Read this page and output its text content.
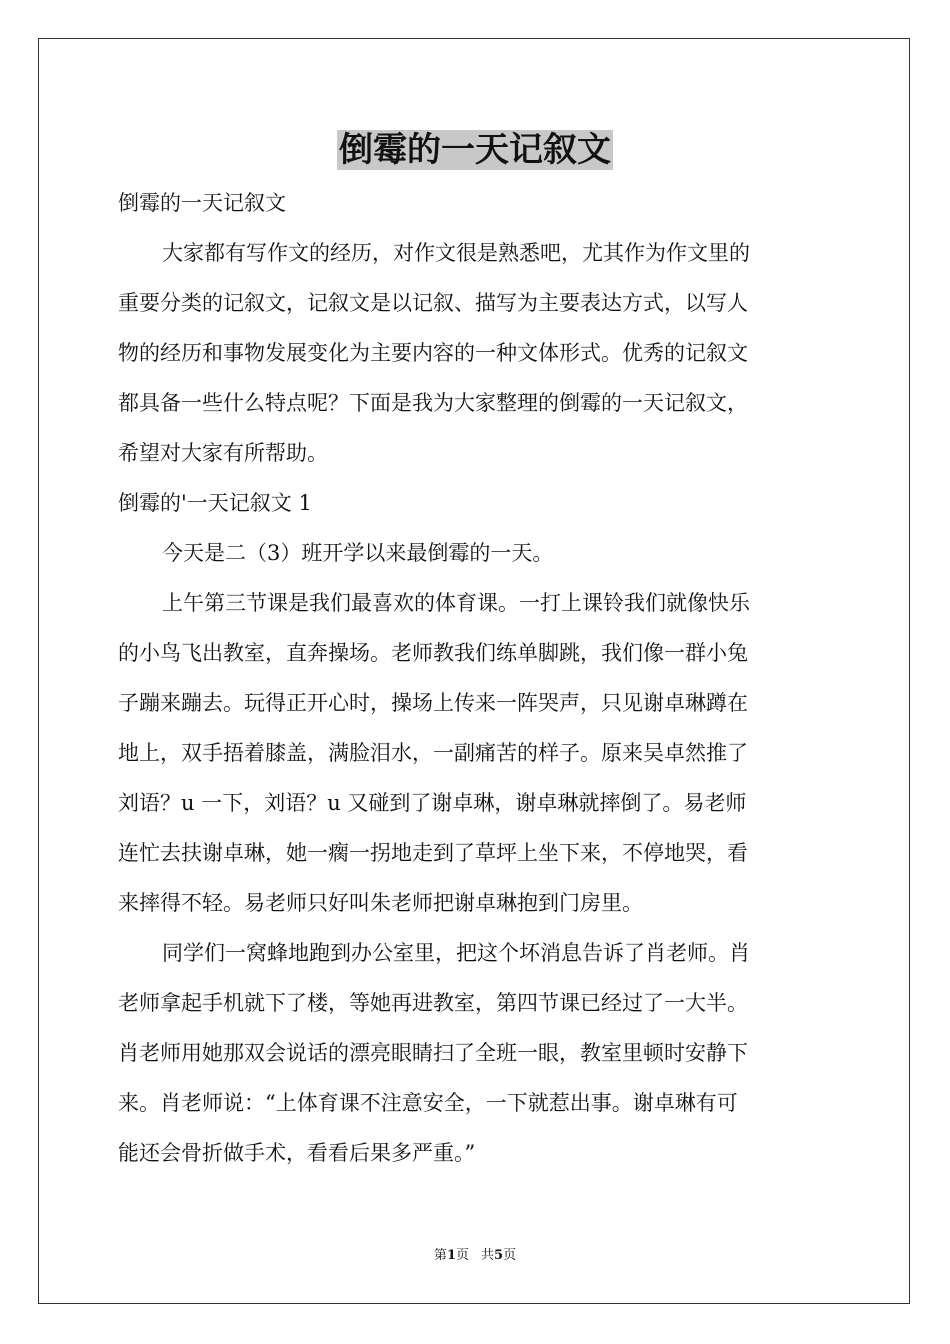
倒霉的一天记叙文
倒霉的一天记叙文
大家都有写作文的经历，对作文很是熟悉吧，尤其作为作文里的
重要分类的记叙文，记叙文是以记叙、描写为主要表达方式，以写人
物的经历和事物发展变化为主要内容的一种文体形式。优秀的记叙文
都具备一些什么特点呢？下面是我为大家整理的倒霉的一天记叙文，
希望对大家有所帮助。
倒霉的'一天记叙文 1
今天是二（3）班开学以来最倒霉的一天。
上午第三节课是我们最喜欢的体育课。一打上课铃我们就像快乐
的小鸟飞出教室，直奔操场。老师教我们练单脚跳，我们像一群小兔
子蹦来蹦去。玩得正开心时，操场上传来一阵哭声，只见谢卓琳蹲在
地上，双手捂着膝盖，满脸泪水，一副痛苦的样子。原来吴卓然推了
刘语？u 一下，刘语？u 又碰到了谢卓琳，谢卓琳就摔倒了。易老师
连忙去扶谢卓琳，她一瘸一拐地走到了草坪上坐下来，不停地哭，看
来摔得不轻。易老师只好叫朱老师把谢卓琳抱到门房里。
同学们一窝蜂地跑到办公室里，把这个坏消息告诉了肖老师。肖
老师拿起手机就下了楼，等她再进教室，第四节课已经过了一大半。
肖老师用她那双会说话的漂亮眼睛扫了全班一眼，教室里顿时安静下
来。肖老师说：“上体育课不注意安全，一下就惹出事。谢卓琳有可
能还会骨折做手术，看看后果多严重。”
第1页 共5页
